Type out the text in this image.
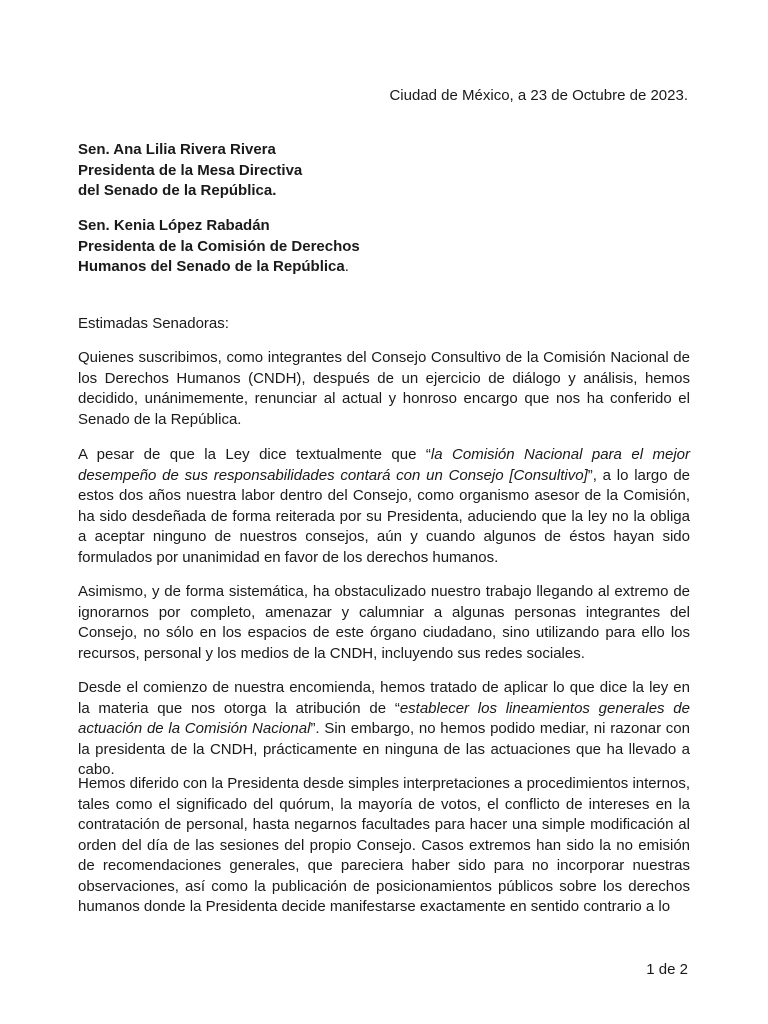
Ciudad de México, a 23 de Octubre de 2023.
Sen. Ana Lilia Rivera Rivera
Presidenta de la Mesa Directiva
del Senado de la República.
Sen. Kenia López Rabadán
Presidenta de la Comisión de Derechos
Humanos del Senado de la República.
Estimadas Senadoras:
Quienes suscribimos, como integrantes del Consejo Consultivo de la Comisión Nacional de los Derechos Humanos (CNDH), después de un ejercicio de diálogo y análisis, hemos decidido, unánimemente, renunciar al actual y honroso encargo que nos ha conferido el Senado de la República.
A pesar de que la Ley dice textualmente que “la Comisión Nacional para el mejor desempeño de sus responsabilidades contará con un Consejo [Consultivo]”, a lo largo de estos dos años nuestra labor dentro del Consejo, como organismo asesor de la Comisión, ha sido desdeñada de forma reiterada por su Presidenta, aduciendo que la ley no la obliga a aceptar ninguno de nuestros consejos, aún y cuando algunos de éstos hayan sido formulados por unanimidad en favor de los derechos humanos.
Asimismo, y de forma sistemática, ha obstaculizado nuestro trabajo llegando al extremo de ignorarnos por completo, amenazar y calumniar a algunas personas integrantes del Consejo, no sólo en los espacios de este órgano ciudadano, sino utilizando para ello los recursos, personal y los medios de la CNDH, incluyendo sus redes sociales.
Desde el comienzo de nuestra encomienda, hemos tratado de aplicar lo que dice la ley en la materia que nos otorga la atribución de “establecer los lineamientos generales de actuación de la Comisión Nacional”. Sin embargo, no hemos podido mediar, ni razonar con la presidenta de la CNDH, prácticamente en ninguna de las actuaciones que ha llevado a cabo.
Hemos diferido con la Presidenta desde simples interpretaciones a procedimientos internos, tales como el significado del quórum, la mayoría de votos, el conflicto de intereses en la contratación de personal, hasta negarnos facultades para hacer una simple modificación al orden del día de las sesiones del propio Consejo. Casos extremos han sido la no emisión de recomendaciones generales, que pareciera haber sido para no incorporar nuestras observaciones, así como la publicación de posicionamientos públicos sobre los derechos humanos donde la Presidenta decide manifestarse exactamente en sentido contrario a lo
1 de 2
